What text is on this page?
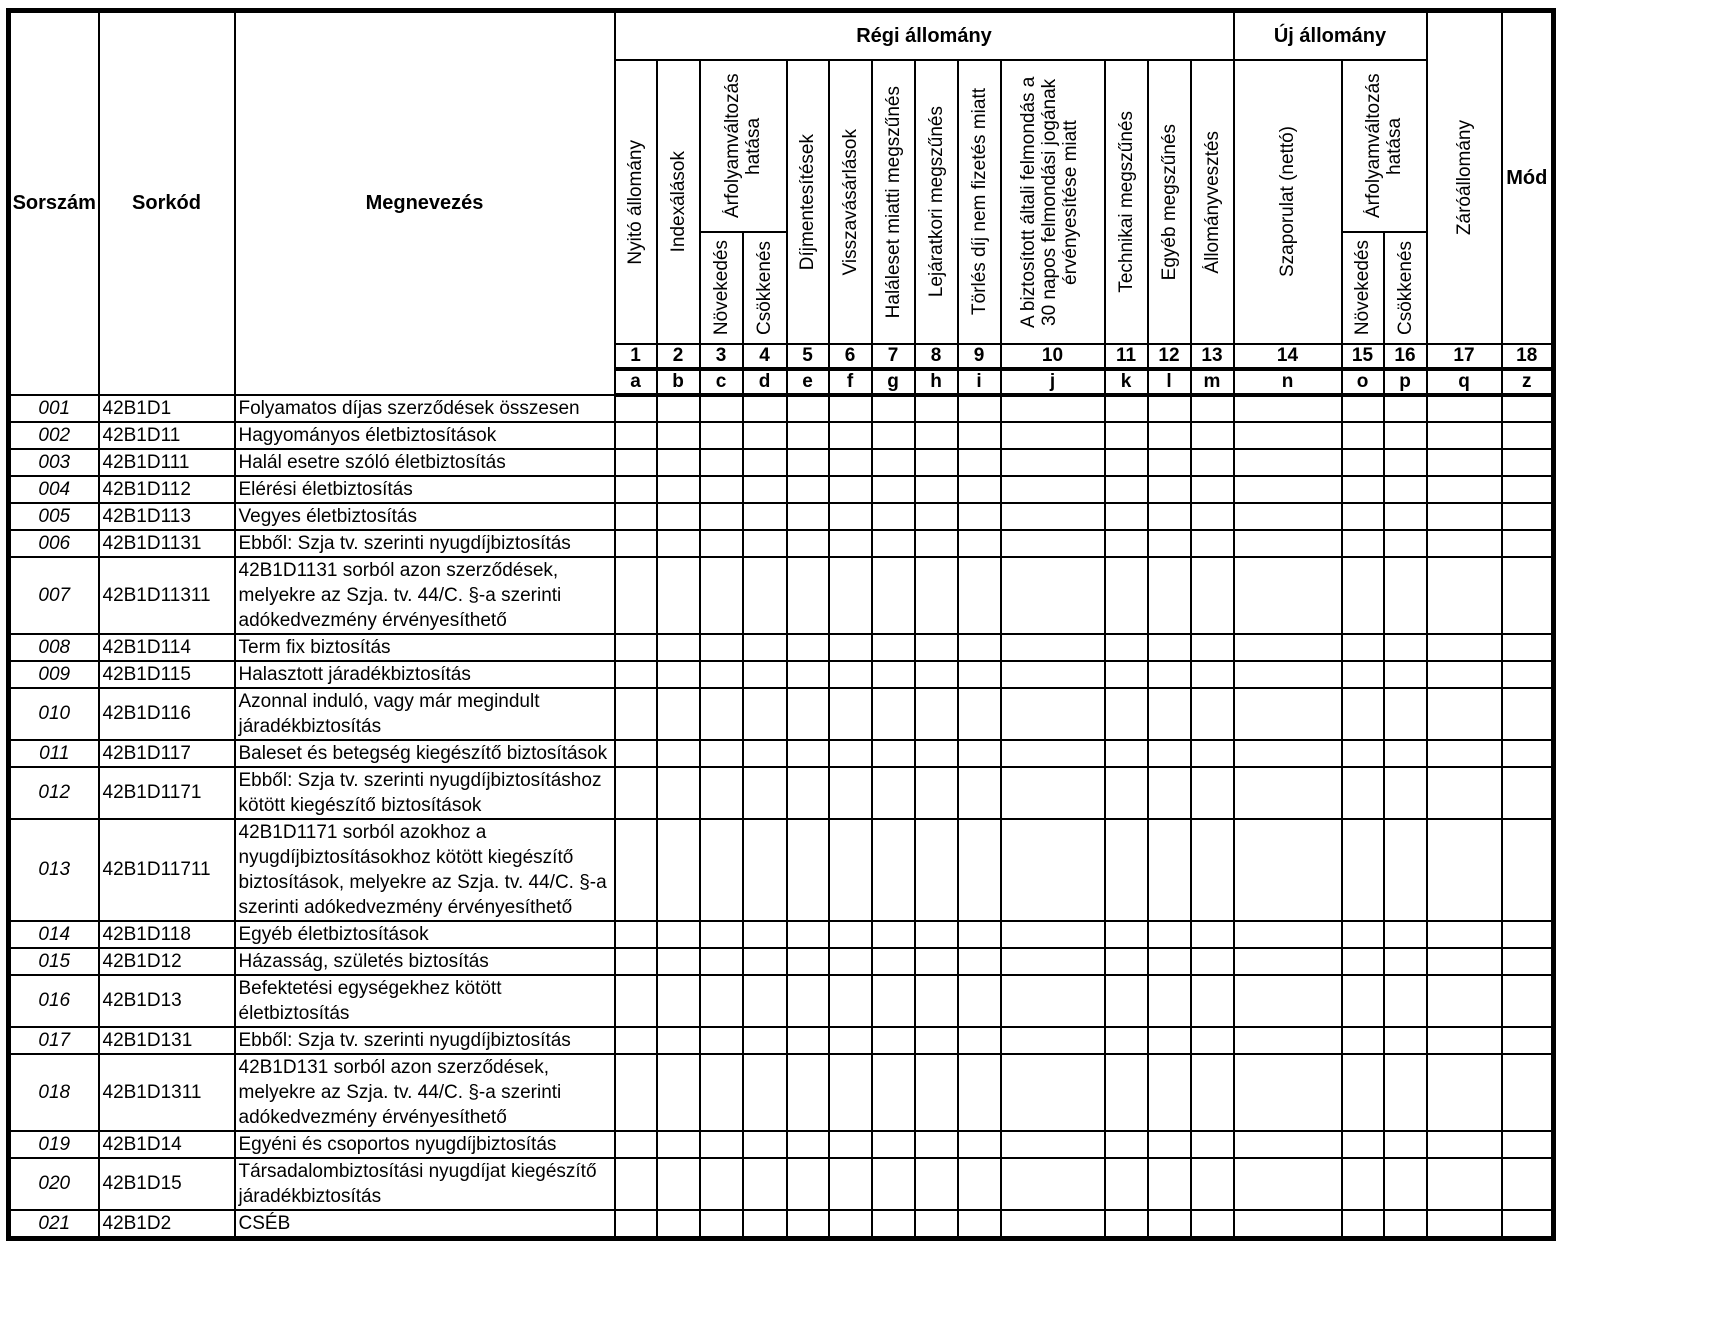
Sorszám	Sorkód	Megnevezés	Régi állomány													Új állomány			Záróállomány	Mód

			Nyitó állomány	Indexálások	Árfolyamváltozás hatása		Díjmentesítések	Visszavásárlások	Haláleset miatti megszűnés	Lejáratkori megszűnés	Törlés díj nem fizetés miatt	A biztosított általi felmondás a 30 napos felmondási jogának érvényesítése miatt	Technikai megszűnés	Egyéb megszűnés	Állományvesztés	Szaporulat (nettó)	Árfolyamváltozás hatása			

					Növekedés	Csökkenés											Növekedés	Csökkenés		

			1	2	3	4	5	6	7	8	9	10	11	12	13	14	15	16	17	18
			a	b	c	d	e	f	g	h	i	j	k	l	m	n	o	p	q	z
001	42B1D1	Folyamatos díjas szerződések összesen																		
002	42B1D11	Hagyományos életbiztosítások																		
003	42B1D111	Halál esetre szóló életbiztosítás																		
004	42B1D112	Elérési életbiztosítás																		
005	42B1D113	Vegyes életbiztosítás																		
006	42B1D1131	Ebből: Szja tv. szerinti nyugdíjbiztosítás																		
007	42B1D11311	42B1D1131 sorból azon szerződések, melyekre az Szja. tv. 44/C. §-a szerinti adókedvezmény érvényesíthető																		
008	42B1D114	Term fix biztosítás																		
009	42B1D115	Halasztott járadékbiztosítás																		
010	42B1D116	Azonnal induló, vagy már megindult járadékbiztosítás																		
011	42B1D117	Baleset és betegség kiegészítő biztosítások																		
012	42B1D1171	Ebből: Szja tv. szerinti nyugdíjbiztosításhoz kötött kiegészítő biztosítások																		
013	42B1D11711	42B1D1171 sorból azokhoz a nyugdíjbiztosításokhoz kötött kiegészítő biztosítások, melyekre az Szja. tv. 44/C. §-a szerinti adókedvezmény érvényesíthető																		
014	42B1D118	Egyéb életbiztosítások																		
015	42B1D12	Házasság, születés biztosítás																		
016	42B1D13	Befektetési egységekhez kötött életbiztosítás																		
017	42B1D131	Ebből: Szja tv. szerinti nyugdíjbiztosítás																		
018	42B1D1311	42B1D131 sorból azon szerződések, melyekre az Szja. tv. 44/C. §-a szerinti adókedvezmény érvényesíthető																		
019	42B1D14	Egyéni és csoportos nyugdíjbiztosítás																		
020	42B1D15	Társadalombiztosítási nyugdíjat kiegészítő járadékbiztosítás																		
021	42B1D2	CSÉB																		
